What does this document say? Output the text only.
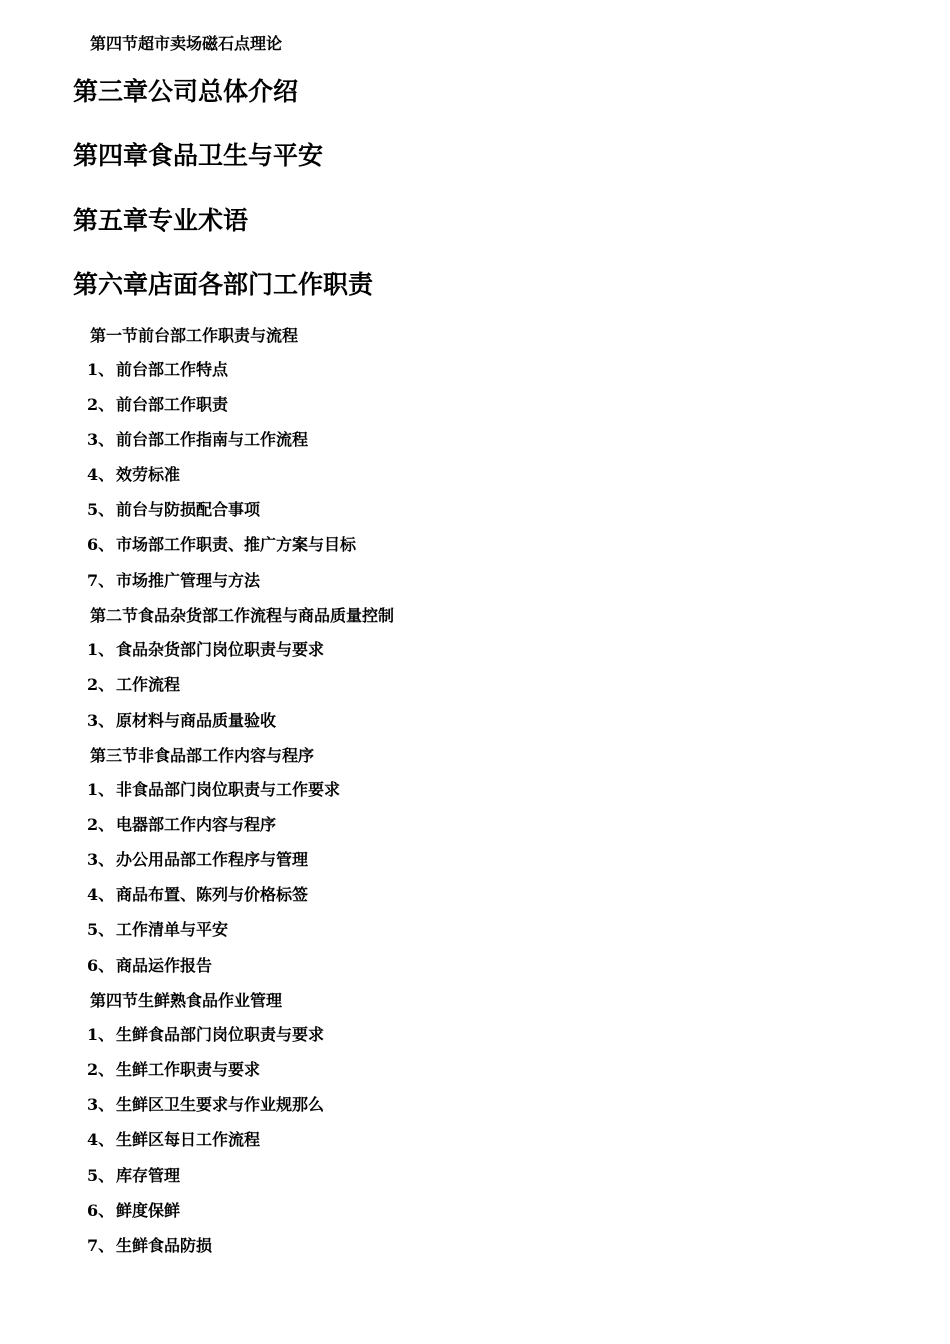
第四节超市卖场磁石点理论
第三章公司总体介绍
第四章食品卫生与平安
第五章专业术语
第六章店面各部门工作职责
第一节前台部工作职责与流程
1、 前台部工作特点
2、 前台部工作职责
3、 前台部工作指南与工作流程
4、 效劳标准
5、 前台与防损配合事项
6、 市场部工作职责、推广方案与目标
7、 市场推广管理与方法
第二节食品杂货部工作流程与商品质量控制
1、 食品杂货部门岗位职责与要求
2、 工作流程
3、 原材料与商品质量验收
第三节非食品部工作内容与程序
1、 非食品部门岗位职责与工作要求
2、 电器部工作内容与程序
3、 办公用品部工作程序与管理
4、 商品布置、陈列与价格标签
5、 工作清单与平安
6、 商品运作报告
第四节生鲜熟食品作业管理
1、 生鲜食品部门岗位职责与要求
2、 生鲜工作职责与要求
3、 生鲜区卫生要求与作业规那么
4、 生鲜区每日工作流程
5、 库存管理
6、 鲜度保鲜
7、 生鲜食品防损
